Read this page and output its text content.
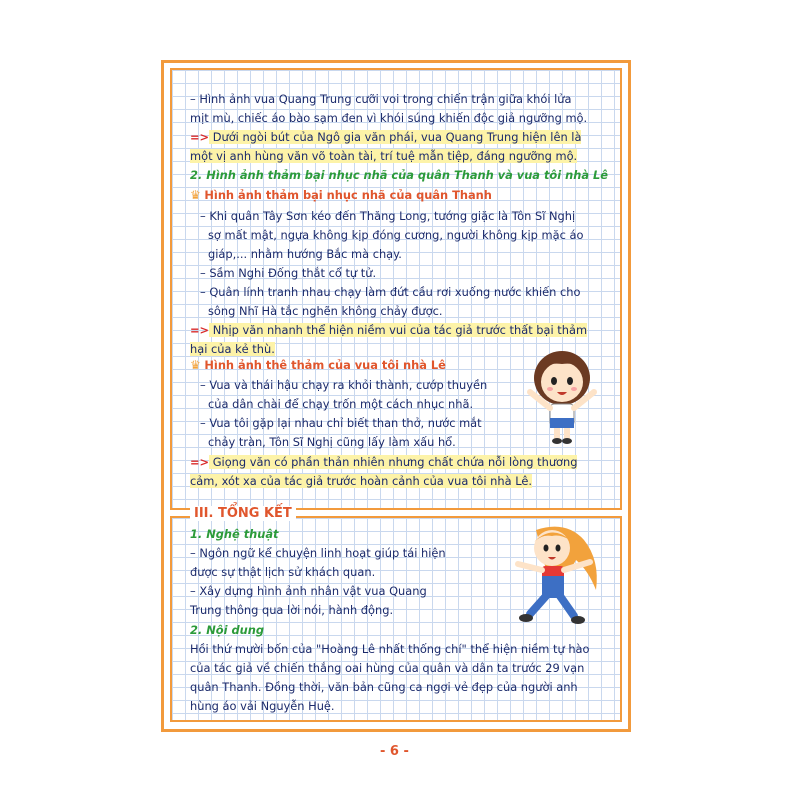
– Hình ảnh vua Quang Trung cưỡi voi trong chiến trận giữa khói lửa
mịt mù, chiếc áo bào sạm đen vì khói súng khiến độc giả ngưỡng mộ.
=> Dưới ngòi bút của Ngô gia văn phái, vua Quang Trung hiện lên là
một vị anh hùng văn võ toàn tài, trí tuệ mẫn tiệp, đáng ngưỡng mộ.
2. Hình ảnh thảm bại nhục nhã của quân Thanh và vua tôi nhà Lê
♛ Hình ảnh thảm bại nhục nhã của quân Thanh
– Khi quân Tây Sơn kéo đến Thăng Long, tướng giặc là Tôn Sĩ Nghị
sợ mất mật, ngựa không kịp đóng cương, người không kịp mặc áo
giáp,... nhằm hướng Bắc mà chạy.
– Sầm Nghi Đống thắt cổ tự tử.
– Quân lính tranh nhau chạy làm đứt cầu rơi xuống nước khiến cho
sông Nhĩ Hà tắc nghẽn không chảy được.
=> Nhịp văn nhanh thể hiện niềm vui của tác giả trước thất bại thảm
hại của kẻ thù.
♛ Hình ảnh thê thảm của vua tôi nhà Lê
– Vua và thái hậu chạy ra khỏi thành, cướp thuyền
của dân chài để chạy trốn một cách nhục nhã.
– Vua tôi gặp lại nhau chỉ biết than thở, nước mắt
chảy tràn, Tôn Sĩ Nghị cũng lấy làm xấu hổ.
=> Giọng văn có phần thản nhiên nhưng chất chứa nỗi lòng thương
cảm, xót xa của tác giả trước hoàn cảnh của vua tôi nhà Lê.
III. TỔNG KẾT
1. Nghệ thuật
– Ngôn ngữ kể chuyện linh hoạt giúp tái hiện
được sự thật lịch sử khách quan.
– Xây dựng hình ảnh nhân vật vua Quang
Trung thông qua lời nói, hành động.
2. Nội dung
Hồi thứ mười bốn của "Hoàng Lê nhất thống chí" thể hiện niềm tự hào
của tác giả về chiến thắng oai hùng của quân và dân ta trước 29 vạn
quân Thanh. Đồng thời, văn bản cũng ca ngợi vẻ đẹp của người anh
hùng áo vải Nguyễn Huệ.
- 6 -
